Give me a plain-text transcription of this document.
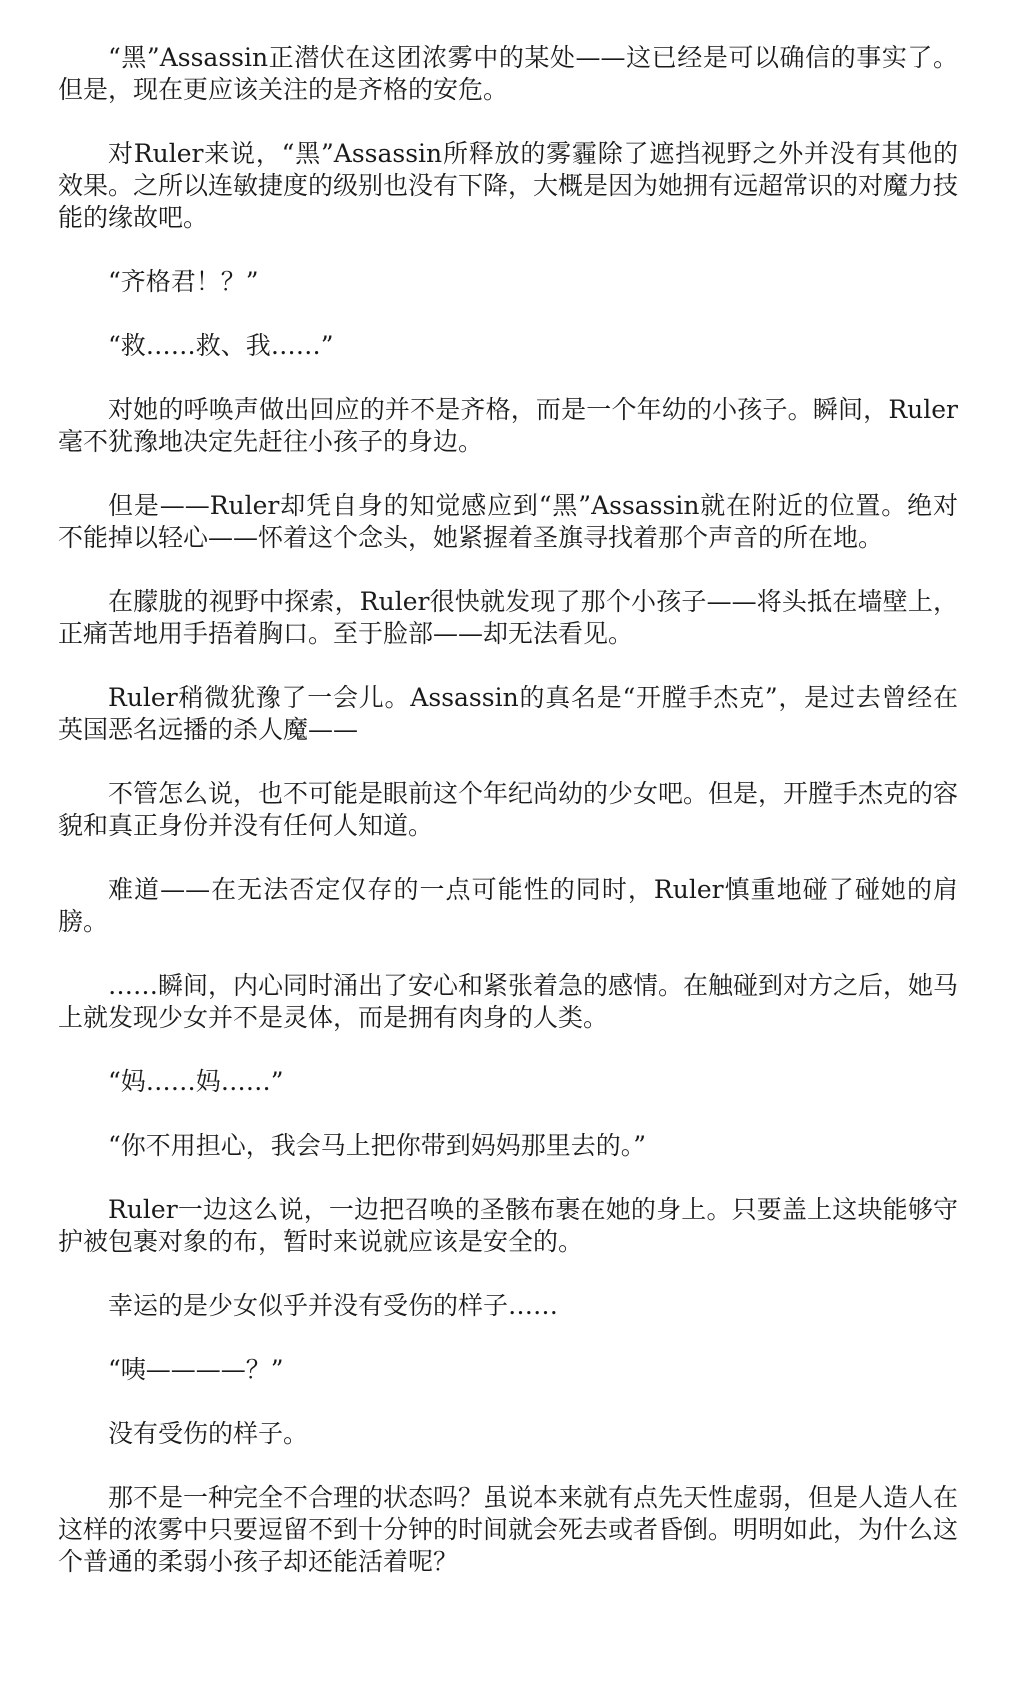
“黑”Assassin正潜伏在这团浓雾中的某处——这已经是可以确信的事实了。但是，现在更应该关注的是齐格的安危。

对Ruler来说，“黑”Assassin所释放的雾霾除了遮挡视野之外并没有其他的效果。之所以连敏捷度的级别也没有下降，大概是因为她拥有远超常识的对魔力技能的缘故吧。

“齐格君！？”

“救……救、我……”

对她的呼唤声做出回应的并不是齐格，而是一个年幼的小孩子。瞬间，Ruler毫不犹豫地决定先赶往小孩子的身边。

但是——Ruler却凭自身的知觉感应到“黑”Assassin就在附近的位置。绝对不能掉以轻心——怀着这个念头，她紧握着圣旗寻找着那个声音的所在地。

在朦胧的视野中探索，Ruler很快就发现了那个小孩子——将头抵在墙壁上，正痛苦地用手捂着胸口。至于脸部——却无法看见。

Ruler稍微犹豫了一会儿。Assassin的真名是“开膛手杰克”，是过去曾经在英国恶名远播的杀人魔——

不管怎么说，也不可能是眼前这个年纪尚幼的少女吧。但是，开膛手杰克的容貌和真正身份并没有任何人知道。

难道——在无法否定仅存的一点可能性的同时，Ruler慎重地碰了碰她的肩膀。

……瞬间，内心同时涌出了安心和紧张着急的感情。在触碰到对方之后，她马上就发现少女并不是灵体，而是拥有肉身的人类。

“妈……妈……”

“你不用担心，我会马上把你带到妈妈那里去的。”

Ruler一边这么说，一边把召唤的圣骸布裹在她的身上。只要盖上这块能够守护被包裹对象的布，暂时来说就应该是安全的。

幸运的是少女似乎并没有受伤的样子……

“咦————？”

没有受伤的样子。

那不是一种完全不合理的状态吗？虽说本来就有点先天性虚弱，但是人造人在这样的浓雾中只要逗留不到十分钟的时间就会死去或者昏倒。明明如此，为什么这个普通的柔弱小孩子却还能活着呢？
